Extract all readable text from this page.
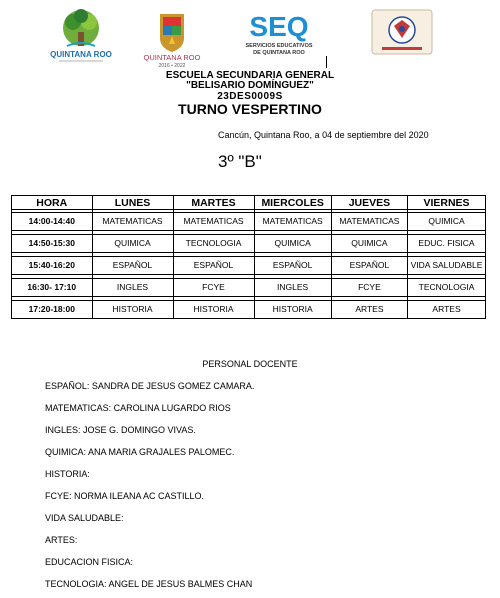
QUINTANA ROO	QUINTANA ROO
2016 • 2022
SEQ
SERVICIOS EDUCATIVOS
DE QUINTANA ROO
ESCUELA SECUNDARIA GENERAL
"BELISARIO DOMÍNGUEZ"
23DES0009S
TURNO VESPERTINO
Cancún, Quintana Roo, a 04 de septiembre del 2020
3º "B"
HORA	LUNES	MARTES	MIERCOLES	JUEVES	VIERNES

14:00-14:40	MATEMATICAS	MATEMATICAS	MATEMATICAS	MATEMATICAS	QUIMICA

14:50-15:30	QUIMICA	TECNOLOGIA	QUIMICA	QUIMICA	EDUC. FISICA

15:40-16:20	ESPAÑOL	ESPAÑOL	ESPAÑOL	ESPAÑOL	VIDA SALUDABLE

16:30- 17:10	INGLES	FCYE	INGLES	FCYE	TECNOLOGIA

17:20-18:00	HISTORIA	HISTORIA	HISTORIA	ARTES	ARTES
PERSONAL DOCENTE
ESPAÑOL: SANDRA DE JESUS GOMEZ CAMARA.
MATEMATICAS: CAROLINA LUGARDO RIOS
INGLES: JOSE G. DOMINGO VIVAS.
QUIMICA: ANA MARIA GRAJALES PALOMEC.
HISTORIA:
FCYE: NORMA ILEANA AC CASTILLO.
VIDA SALUDABLE:
ARTES:
EDUCACION FISICA:
TECNOLOGIA: ANGEL DE JESUS BALMES CHAN
